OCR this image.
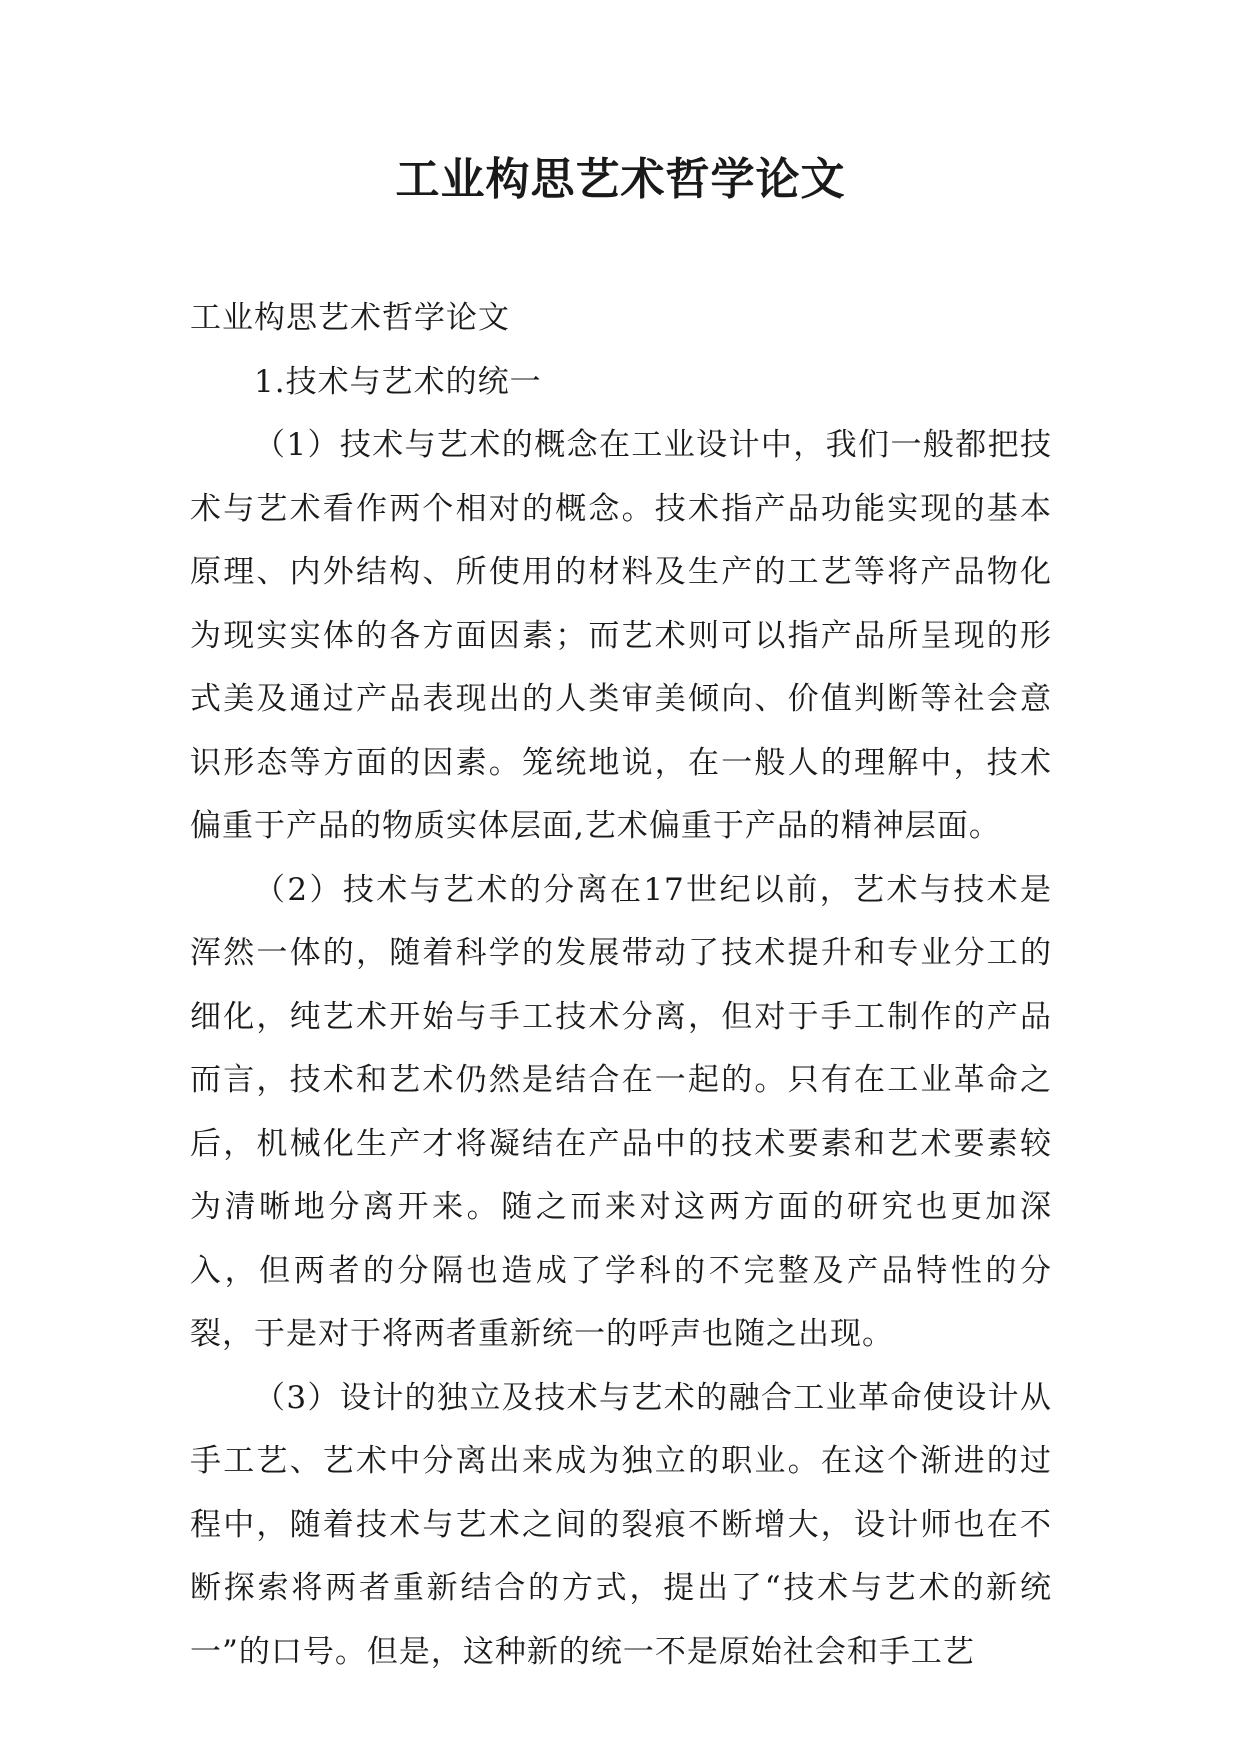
工业构思艺术哲学论文

工业构思艺术哲学论文

1.技术与艺术的统一

（1）技术与艺术的概念在工业设计中，我们一般都把技术与艺术看作两个相对的概念。技术指产品功能实现的基本原理、内外结构、所使用的材料及生产的工艺等将产品物化为现实实体的各方面因素；而艺术则可以指产品所呈现的形式美及通过产品表现出的人类审美倾向、价值判断等社会意识形态等方面的因素。笼统地说，在一般人的理解中，技术偏重于产品的物质实体层面,艺术偏重于产品的精神层面。

（2）技术与艺术的分离在17世纪以前，艺术与技术是浑然一体的，随着科学的发展带动了技术提升和专业分工的细化，纯艺术开始与手工技术分离，但对于手工制作的产品而言，技术和艺术仍然是结合在一起的。只有在工业革命之后，机械化生产才将凝结在产品中的技术要素和艺术要素较为清晰地分离开来。随之而来对这两方面的研究也更加深入，但两者的分隔也造成了学科的不完整及产品特性的分裂，于是对于将两者重新统一的呼声也随之出现。

（3）设计的独立及技术与艺术的融合工业革命使设计从手工艺、艺术中分离出来成为独立的职业。在这个渐进的过程中，随着技术与艺术之间的裂痕不断增大，设计师也在不断探索将两者重新结合的方式，提出了“技术与艺术的新统一”的口号。但是，这种新的统一不是原始社会和手工艺
